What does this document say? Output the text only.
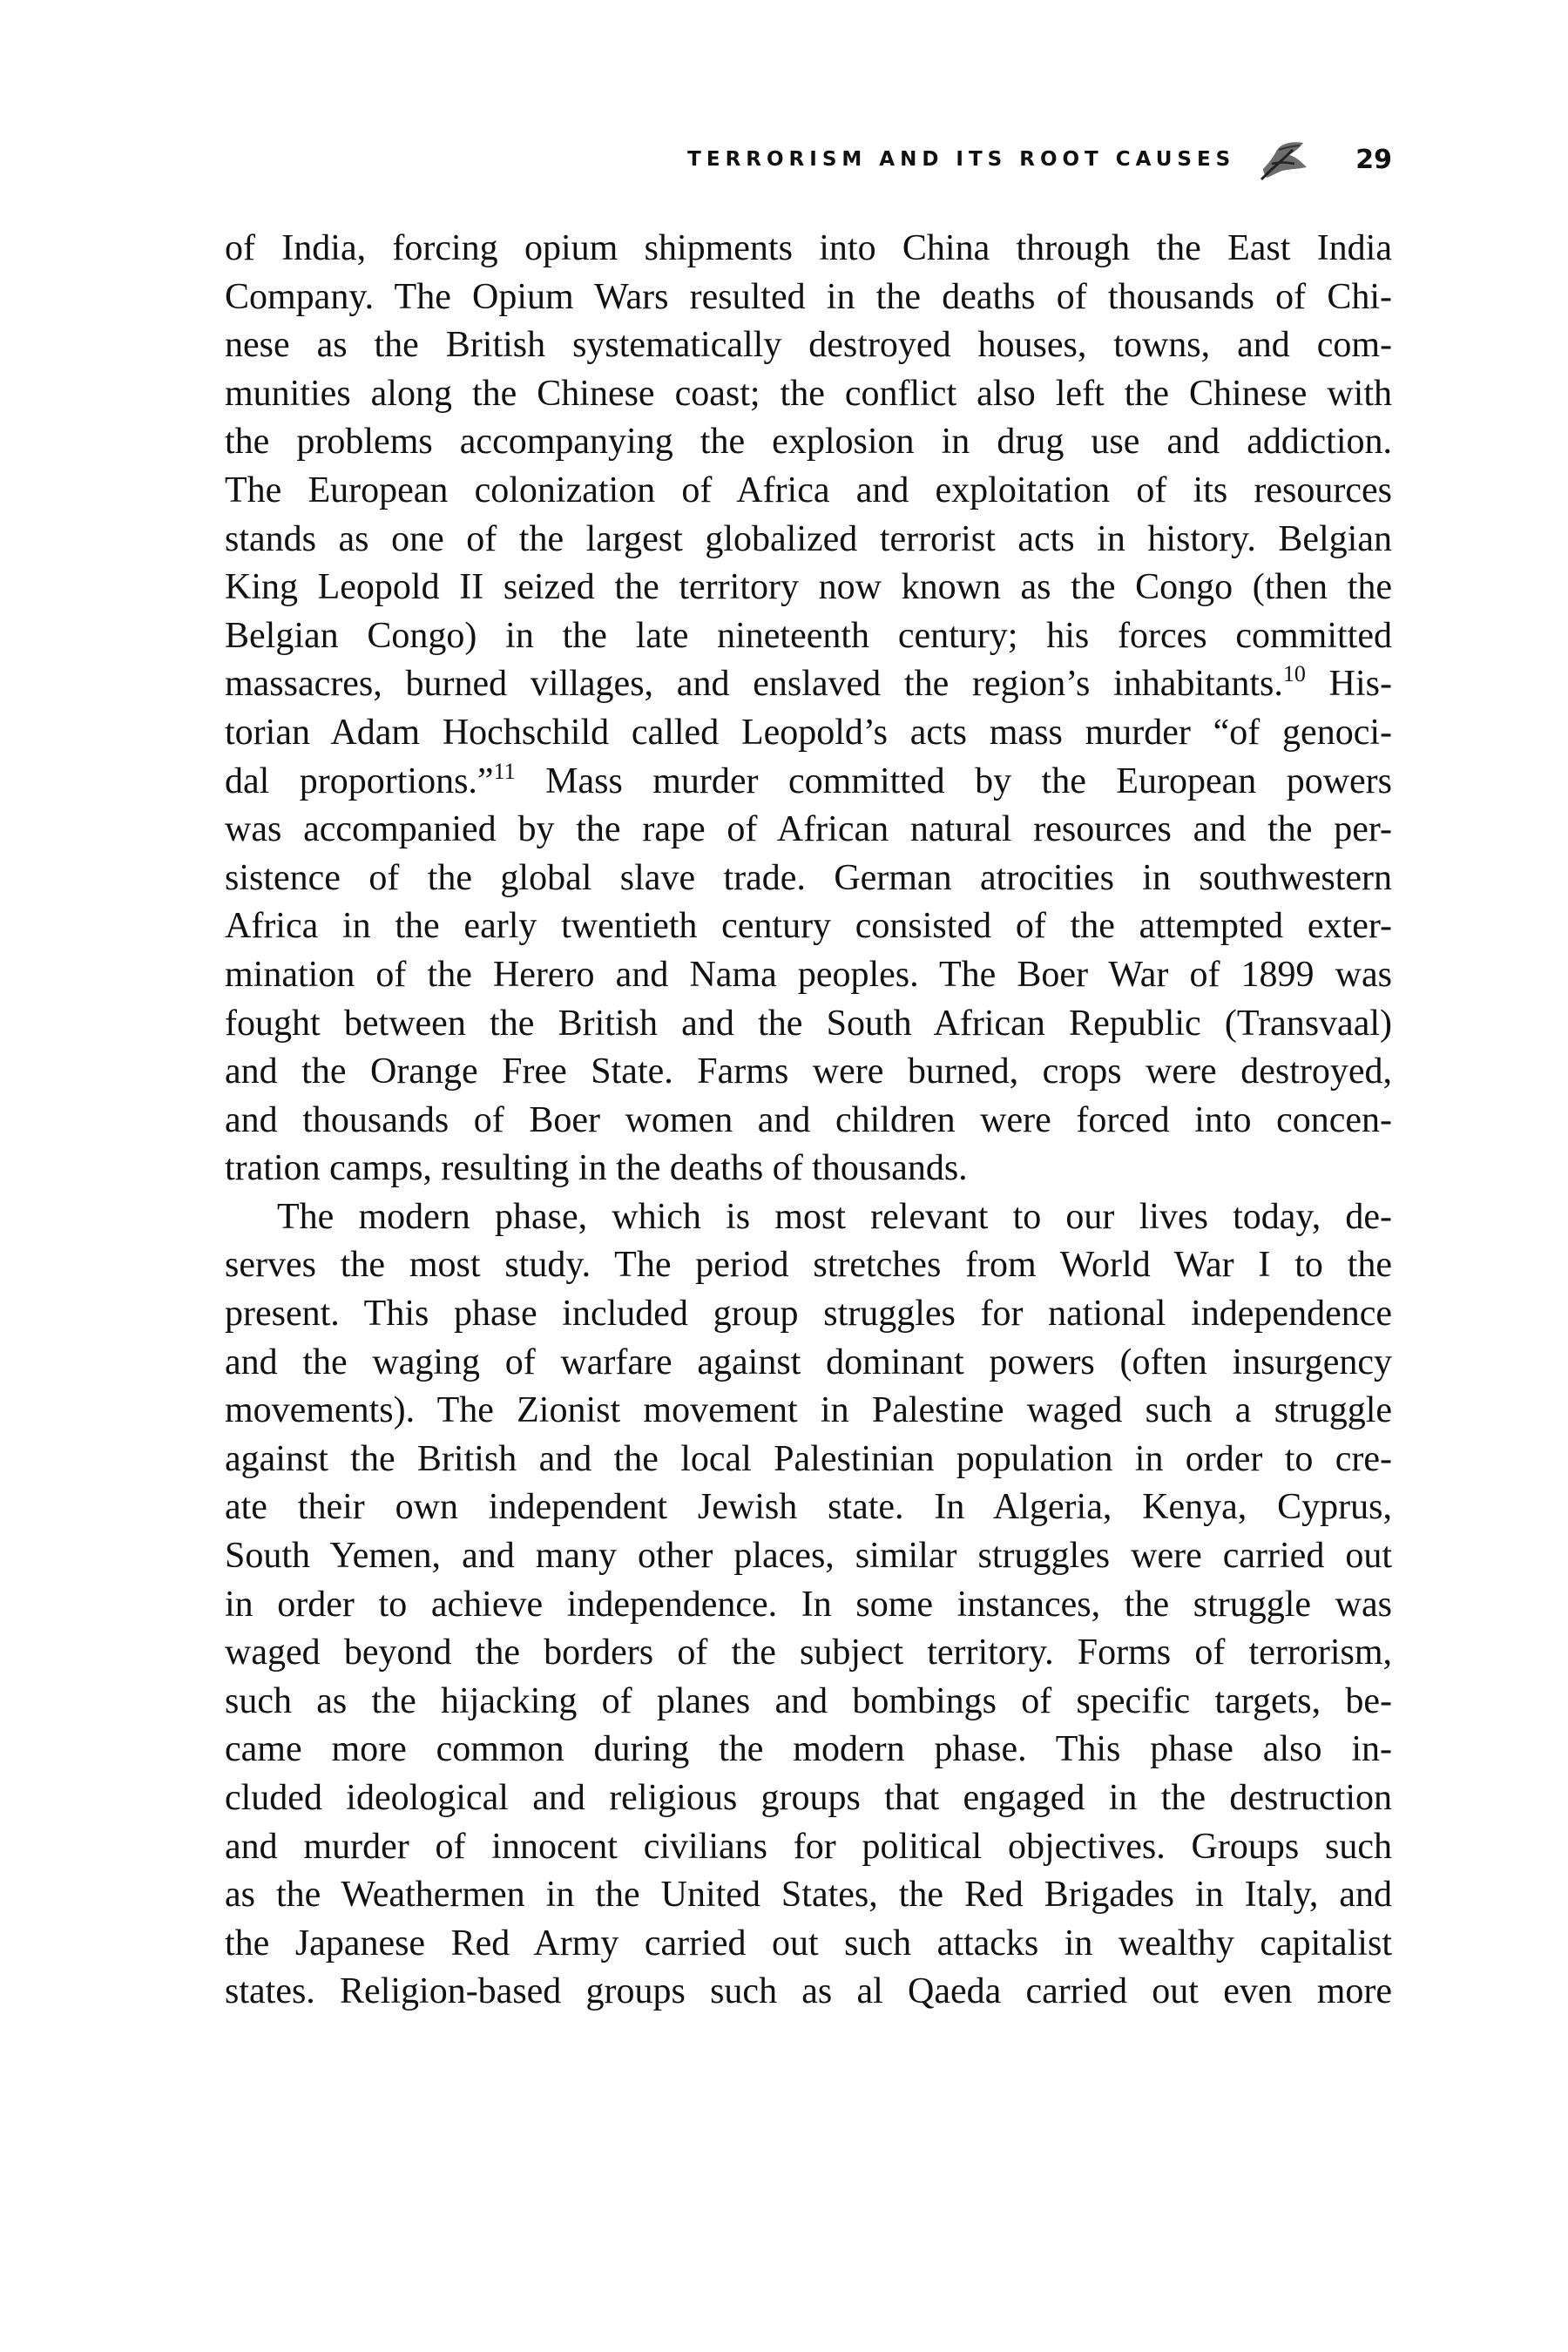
TERRORISM AND ITS ROOT CAUSES	29
of India, forcing opium shipments into China through the East India
Company. The Opium Wars resulted in the deaths of thousands of Chi-
nese as the British systematically destroyed houses, towns, and com-
munities along the Chinese coast; the conflict also left the Chinese with
the problems accompanying the explosion in drug use and addiction.
The European colonization of Africa and exploitation of its resources
stands as one of the largest globalized terrorist acts in history. Belgian
King Leopold II seized the territory now known as the Congo (then the
Belgian Congo) in the late nineteenth century; his forces committed
massacres, burned villages, and enslaved the region’s inhabitants.$^{10}$ His-
torian Adam Hochschild called Leopold’s acts mass murder “of genoci-
dal proportions.”$^{11}$ Mass murder committed by the European powers
was accompanied by the rape of African natural resources and the per-
sistence of the global slave trade. German atrocities in southwestern
Africa in the early twentieth century consisted of the attempted exter-
mination of the Herero and Nama peoples. The Boer War of 1899 was
fought between the British and the South African Republic (Transvaal)
and the Orange Free State. Farms were burned, crops were destroyed,
and thousands of Boer women and children were forced into concen-
tration camps, resulting in the deaths of thousands.
The modern phase, which is most relevant to our lives today, de-
serves the most study. The period stretches from World War I to the
present. This phase included group struggles for national independence
and the waging of warfare against dominant powers (often insurgency
movements). The Zionist movement in Palestine waged such a struggle
against the British and the local Palestinian population in order to cre-
ate their own independent Jewish state. In Algeria, Kenya, Cyprus,
South Yemen, and many other places, similar struggles were carried out
in order to achieve independence. In some instances, the struggle was
waged beyond the borders of the subject territory. Forms of terrorism,
such as the hijacking of planes and bombings of specific targets, be-
came more common during the modern phase. This phase also in-
cluded ideological and religious groups that engaged in the destruction
and murder of innocent civilians for political objectives. Groups such
as the Weathermen in the United States, the Red Brigades in Italy, and
the Japanese Red Army carried out such attacks in wealthy capitalist
states. Religion-based groups such as al Qaeda carried out even more
